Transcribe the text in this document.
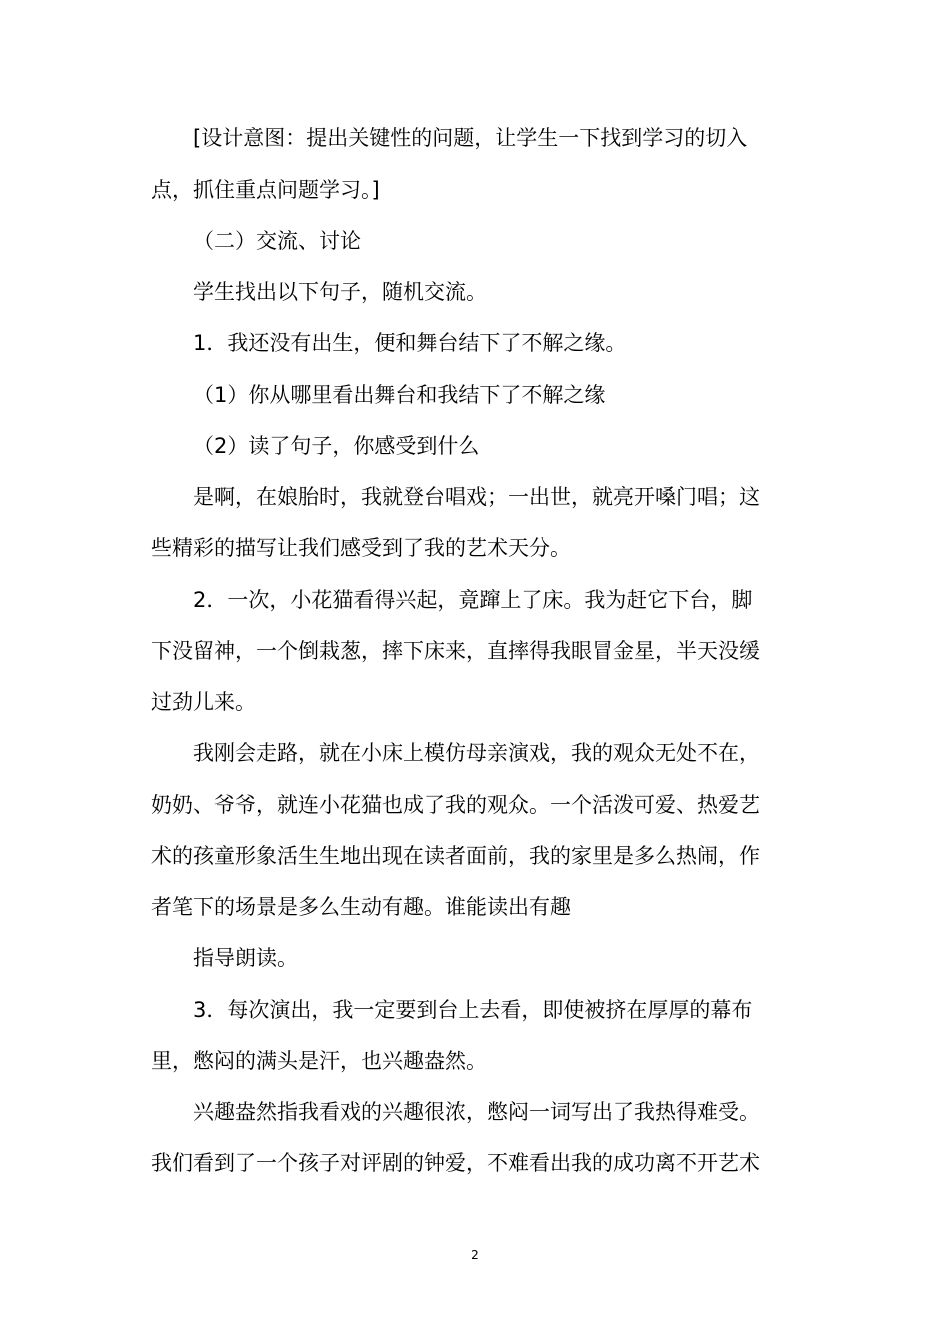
[设计意图：提出关键性的问题，让学生一下找到学习的切入
点，抓住重点问题学习。]
（二）交流、讨论
学生找出以下句子，随机交流。
1．我还没有出生，便和舞台结下了不解之缘。
（1）你从哪里看出舞台和我结下了不解之缘
（2）读了句子，你感受到什么
是啊，在娘胎时，我就登台唱戏；一出世，就亮开嗓门唱；这
些精彩的描写让我们感受到了我的艺术天分。
2．一次，小花猫看得兴起，竟蹿上了床。我为赶它下台，脚
下没留神，一个倒栽葱，摔下床来，直摔得我眼冒金星，半天没缓
过劲儿来。
我刚会走路，就在小床上模仿母亲演戏，我的观众无处不在，
奶奶、爷爷，就连小花猫也成了我的观众。一个活泼可爱、热爱艺
术的孩童形象活生生地出现在读者面前，我的家里是多么热闹，作
者笔下的场景是多么生动有趣。谁能读出有趣
指导朗读。
3．每次演出，我一定要到台上去看，即使被挤在厚厚的幕布
里，憋闷的满头是汗，也兴趣盎然。
兴趣盎然指我看戏的兴趣很浓，憋闷一词写出了我热得难受。
我们看到了一个孩子对评剧的钟爱，不难看出我的成功离不开艺术
2
